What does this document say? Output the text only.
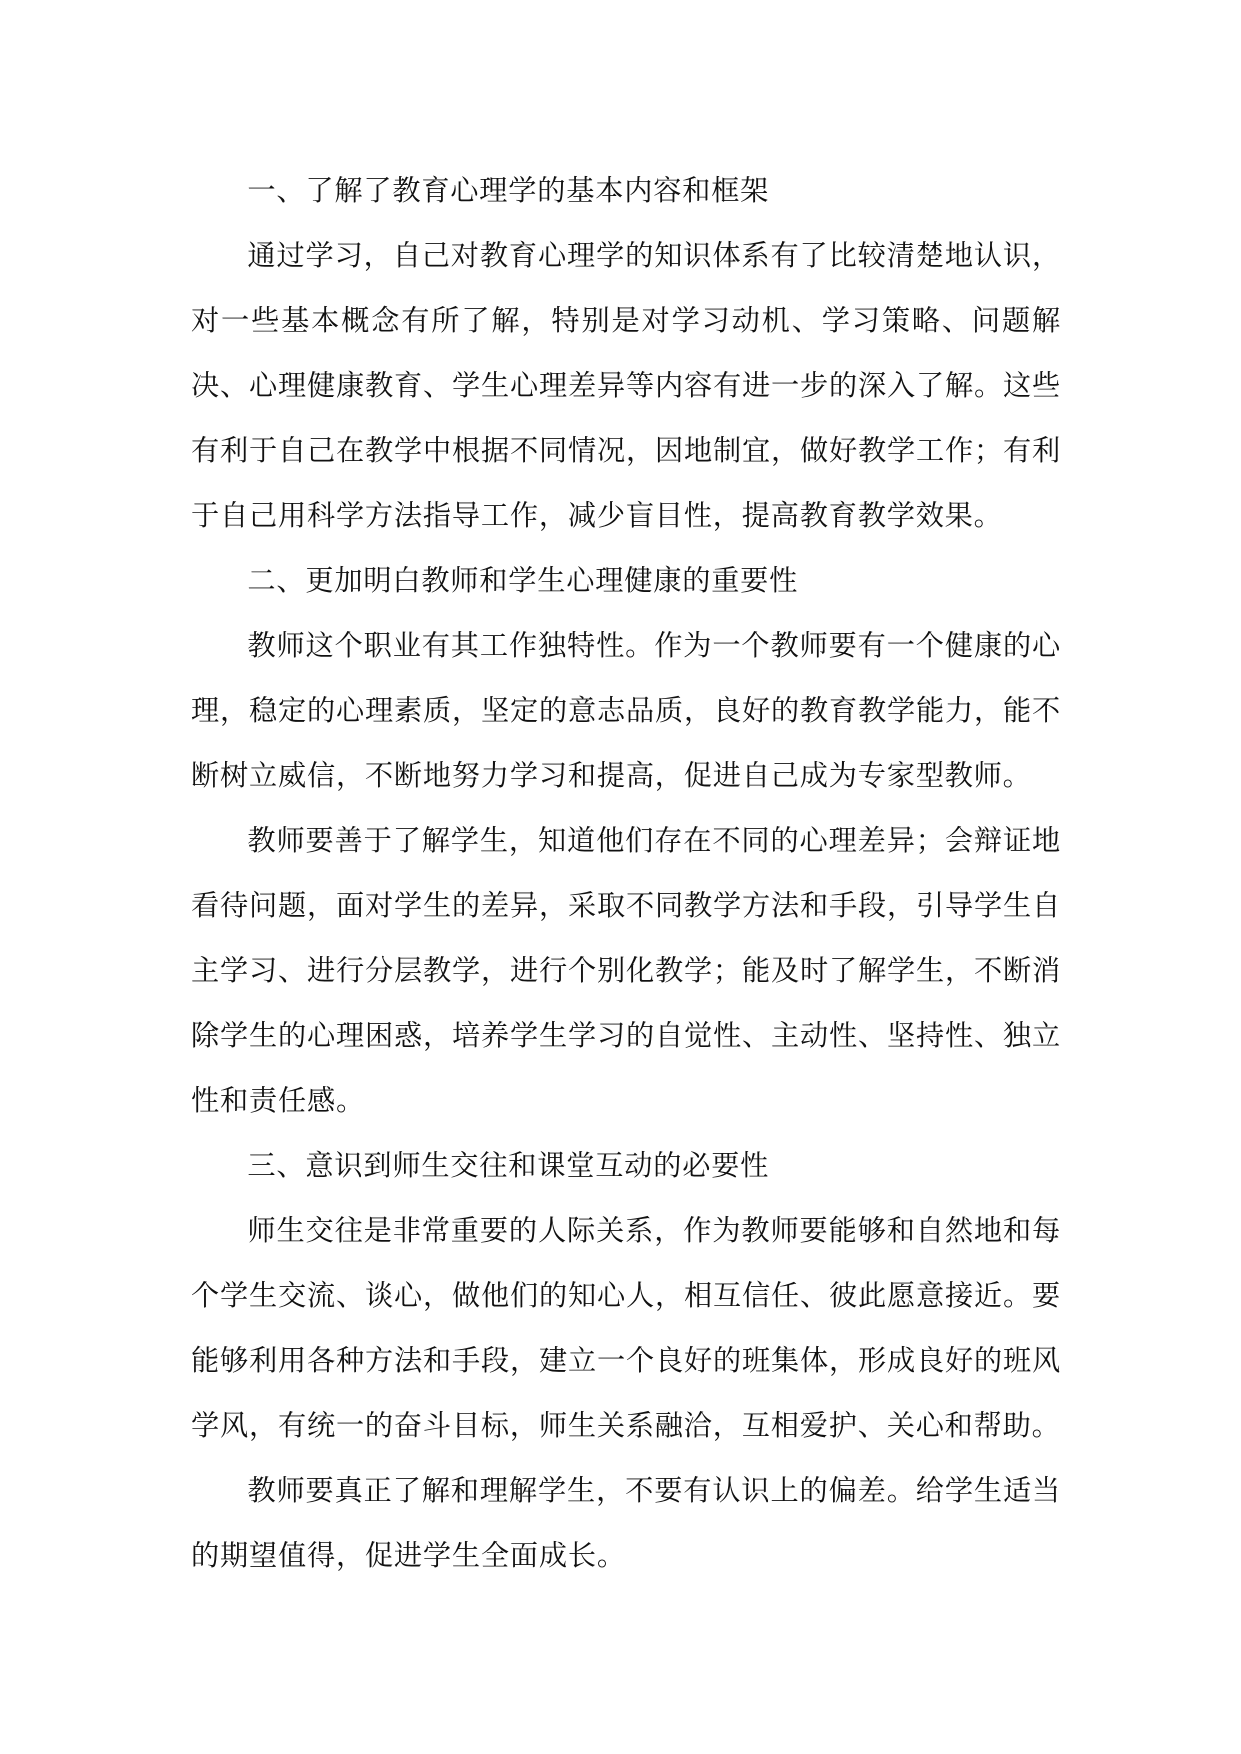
一、了解了教育心理学的基本内容和框架

通过学习，自己对教育心理学的知识体系有了比较清楚地认识，对一些基本概念有所了解，特别是对学习动机、学习策略、问题解决、心理健康教育、学生心理差异等内容有进一步的深入了解。这些有利于自己在教学中根据不同情况，因地制宜，做好教学工作；有利于自己用科学方法指导工作，减少盲目性，提高教育教学效果。

二、更加明白教师和学生心理健康的重要性

教师这个职业有其工作独特性。作为一个教师要有一个健康的心理，稳定的心理素质，坚定的意志品质，良好的教育教学能力，能不断树立威信，不断地努力学习和提高，促进自己成为专家型教师。

教师要善于了解学生，知道他们存在不同的心理差异；会辩证地看待问题，面对学生的差异，采取不同教学方法和手段，引导学生自主学习、进行分层教学，进行个别化教学；能及时了解学生，不断消除学生的心理困惑，培养学生学习的自觉性、主动性、坚持性、独立性和责任感。

三、意识到师生交往和课堂互动的必要性

师生交往是非常重要的人际关系，作为教师要能够和自然地和每个学生交流、谈心，做他们的知心人，相互信任、彼此愿意接近。要能够利用各种方法和手段，建立一个良好的班集体，形成良好的班风学风，有统一的奋斗目标，师生关系融洽，互相爱护、关心和帮助。

教师要真正了解和理解学生，不要有认识上的偏差。给学生适当的期望值得，促进学生全面成长。
